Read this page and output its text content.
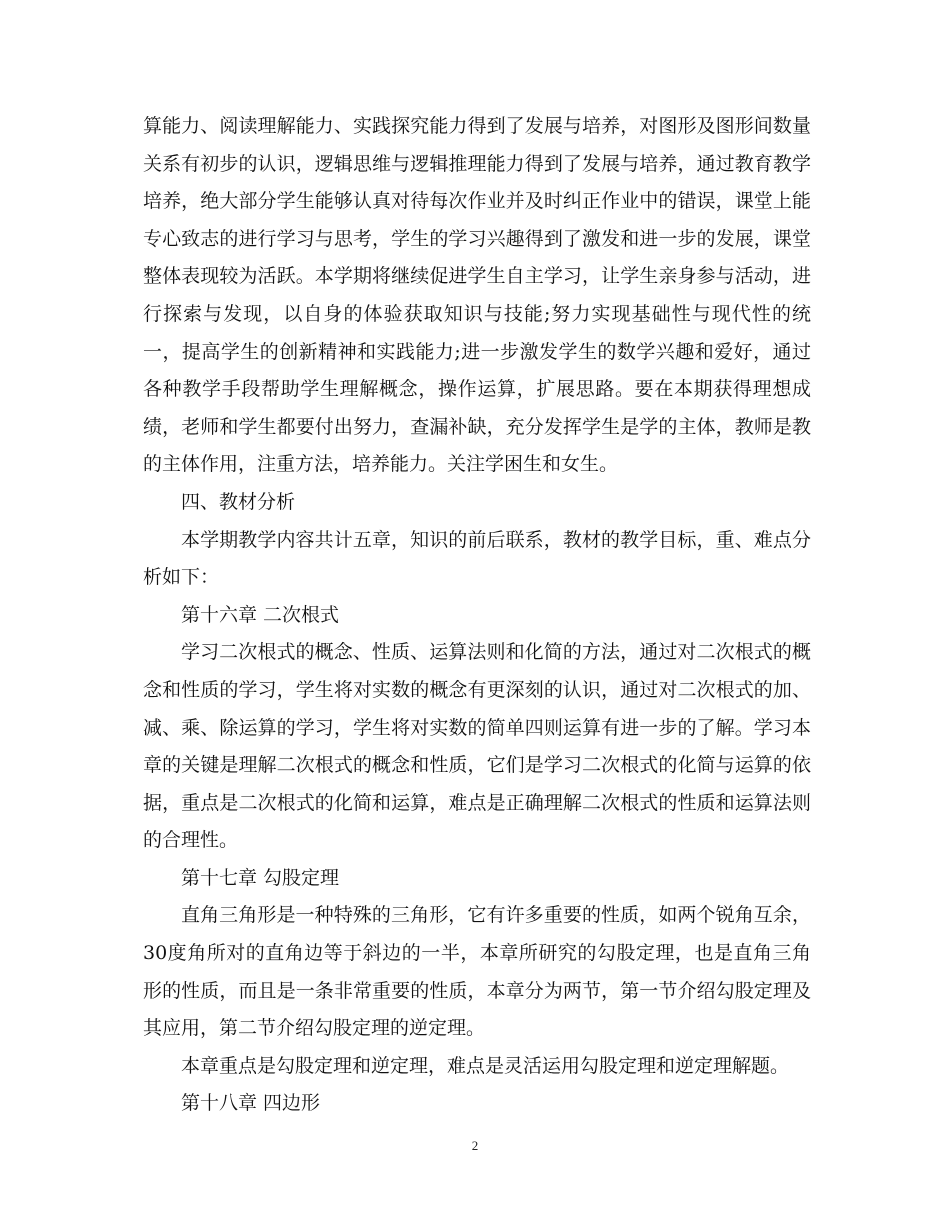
算能力、阅读理解能力、实践探究能力得到了发展与培养，对图形及图形间数量关系有初步的认识，逻辑思维与逻辑推理能力得到了发展与培养，通过教育教学培养，绝大部分学生能够认真对待每次作业并及时纠正作业中的错误，课堂上能专心致志的进行学习与思考，学生的学习兴趣得到了激发和进一步的发展，课堂整体表现较为活跃。本学期将继续促进学生自主学习，让学生亲身参与活动，进行探索与发现，以自身的体验获取知识与技能;努力实现基础性与现代性的统一，提高学生的创新精神和实践能力;进一步激发学生的数学兴趣和爱好，通过各种教学手段帮助学生理解概念，操作运算，扩展思路。要在本期获得理想成绩，老师和学生都要付出努力，查漏补缺，充分发挥学生是学的主体，教师是教的主体作用，注重方法，培养能力。关注学困生和女生。

四、教材分析

本学期教学内容共计五章，知识的前后联系，教材的教学目标，重、难点分析如下：

第十六章 二次根式

学习二次根式的概念、性质、运算法则和化简的方法，通过对二次根式的概念和性质的学习，学生将对实数的概念有更深刻的认识，通过对二次根式的加、减、乘、除运算的学习，学生将对实数的简单四则运算有进一步的了解。学习本章的关键是理解二次根式的概念和性质，它们是学习二次根式的化简与运算的依据，重点是二次根式的化简和运算，难点是正确理解二次根式的性质和运算法则的合理性。

第十七章 勾股定理

直角三角形是一种特殊的三角形，它有许多重要的性质，如两个锐角互余，30度角所对的直角边等于斜边的一半，本章所研究的勾股定理，也是直角三角形的性质，而且是一条非常重要的性质，本章分为两节，第一节介绍勾股定理及其应用，第二节介绍勾股定理的逆定理。

本章重点是勾股定理和逆定理，难点是灵活运用勾股定理和逆定理解题。

第十八章 四边形

2
